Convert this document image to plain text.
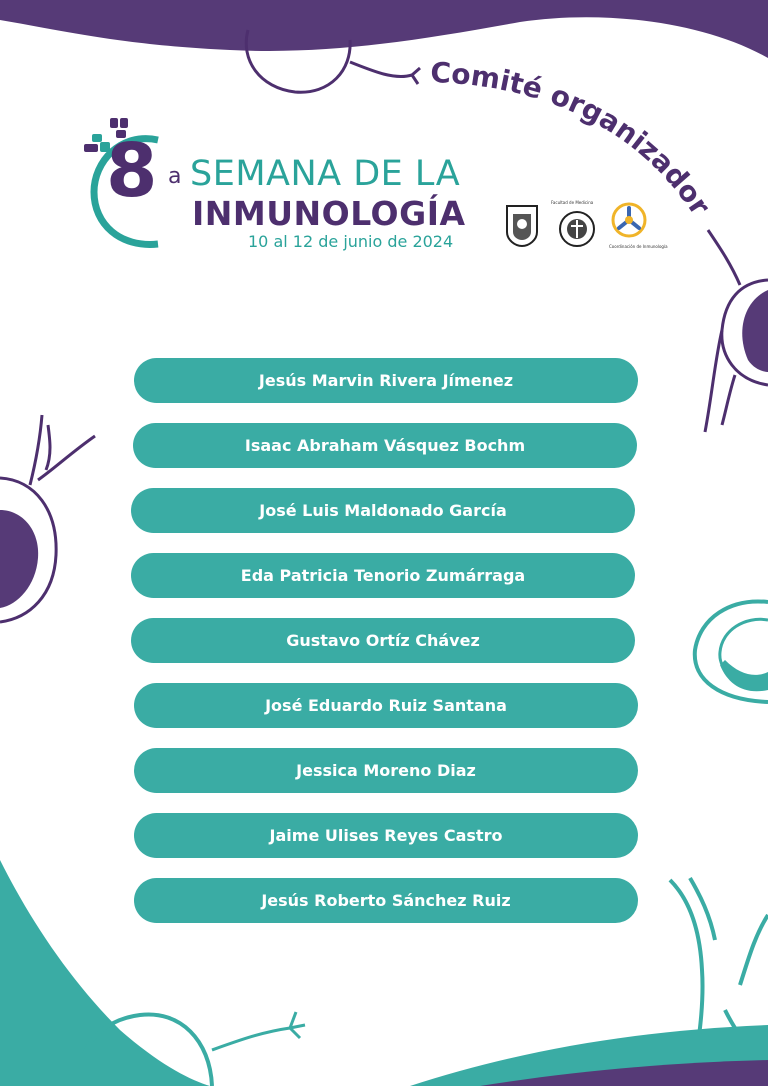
Comité organizador
8 a SEMANA DE LA
INMUNOLOGÍA
10 al 12 de junio de 2024
Facultad de Medicina
Coordinación de Inmunología
Jesús Marvin Rivera Jímenez
Isaac Abraham Vásquez Bochm
José Luis Maldonado García
Eda Patricia Tenorio Zumárraga
Gustavo Ortíz Chávez
José Eduardo Ruiz Santana
Jessica Moreno Diaz
Jaime Ulises Reyes Castro
Jesús Roberto Sánchez Ruiz
